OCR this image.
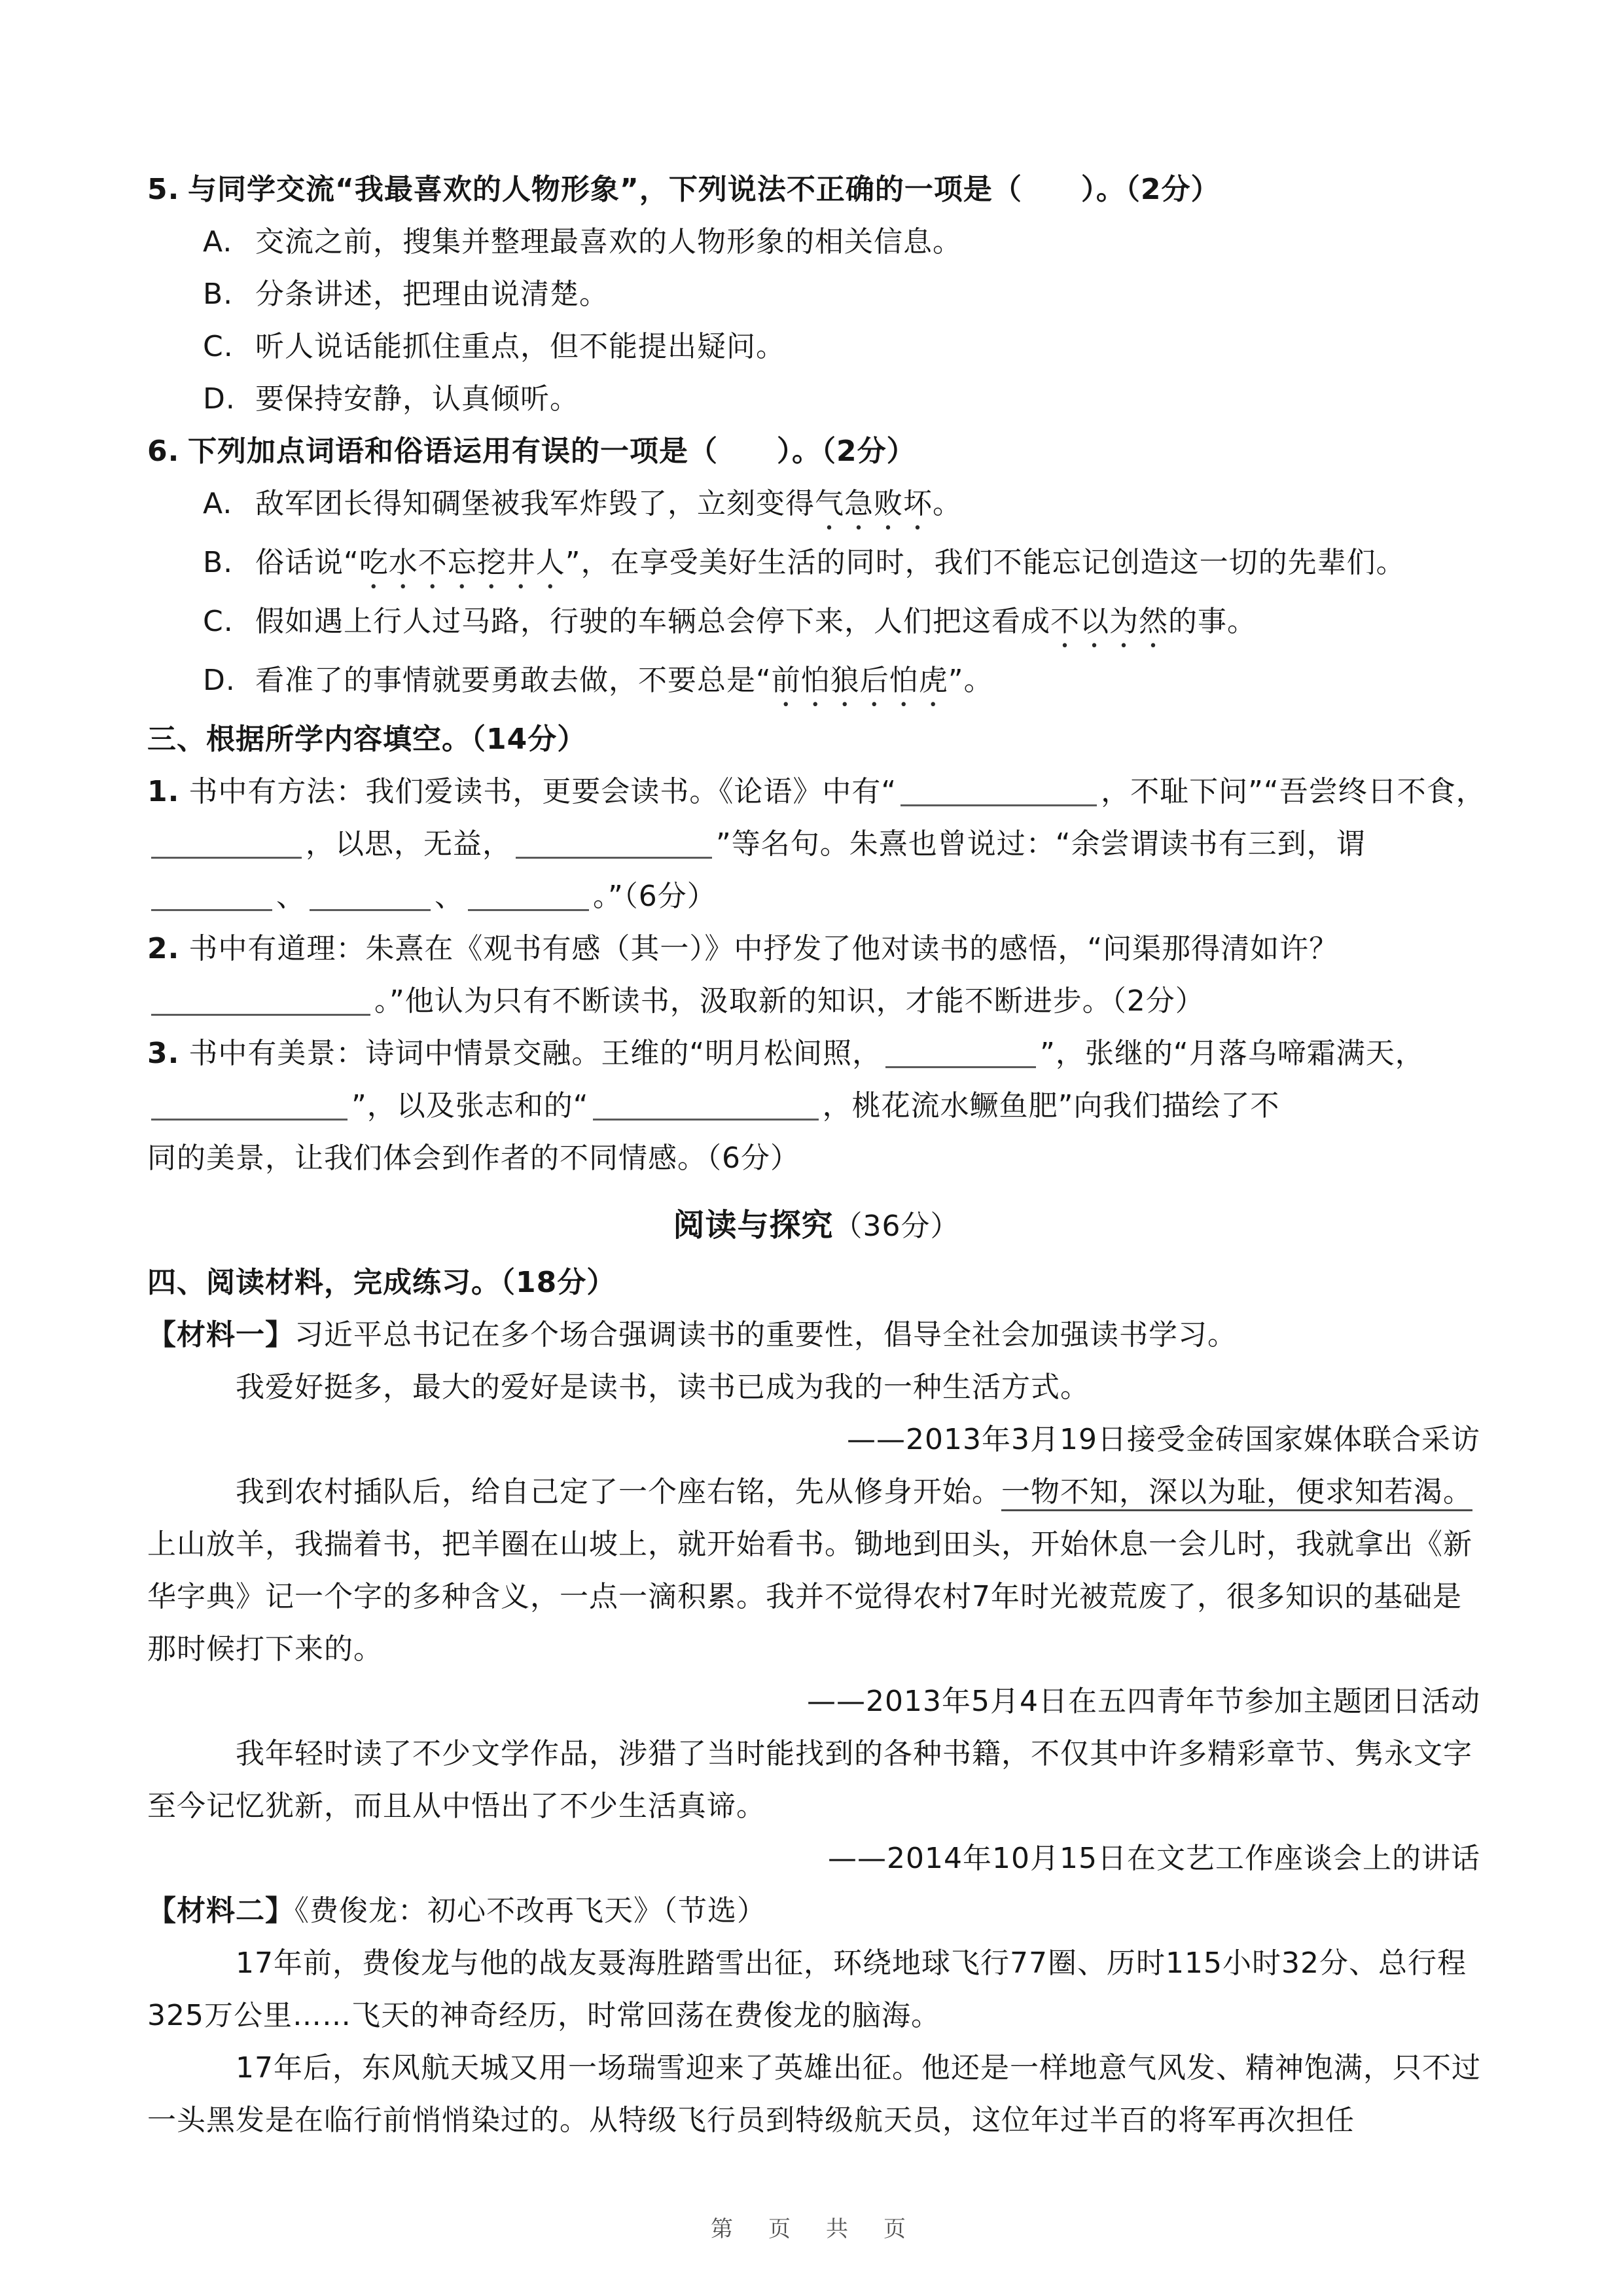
5. 与同学交流“我最喜欢的人物形象”，下列说法不正确的一项是（　　）。（2分）
A. 交流之前，搜集并整理最喜欢的人物形象的相关信息。
B. 分条讲述，把理由说清楚。
C. 听人说话能抓住重点，但不能提出疑问。
D. 要保持安静，认真倾听。
6. 下列加点词语和俗语运用有误的一项是（　　）。（2分）
A. 敌军团长得知碉堡被我军炸毁了，立刻变得气急败坏。
B. 俗话说“吃水不忘挖井人”，在享受美好生活的同时，我们不能忘记创造这一切的先辈们。
C. 假如遇上行人过马路，行驶的车辆总会停下来，人们把这看成不以为然的事。
D. 看准了的事情就要勇敢去做，不要总是“前怕狼后怕虎”。
三、根据所学内容填空。（14分）
1. 书中有方法：我们爱读书，更要会读书。《论语》中有“	，不耻下问”“吾尝终日不食，
，以思，无益，	”等名句。朱熹也曾说过：“余尝谓读书有三到，谓
、	、	。”（6分）
2. 书中有道理：朱熹在《观书有感（其一）》中抒发了他对读书的感悟，“问渠那得清如许？
。”他认为只有不断读书，汲取新的知识，才能不断进步。（2分）
3. 书中有美景：诗词中情景交融。王维的“明月松间照，	”，张继的“月落乌啼霜满天，
”，以及张志和的“	，桃花流水鳜鱼肥”向我们描绘了不
同的美景，让我们体会到作者的不同情感。（6分）
阅读与探究（36分）
四、阅读材料，完成练习。（18分）

【材料一】习近平总书记在多个场合强调读书的重要性，倡导全社会加强读书学习。

我爱好挺多，最大的爱好是读书，读书已成为我的一种生活方式。

——2013年3月19日接受金砖国家媒体联合采访

我到农村插队后，给自己定了一个座右铭，先从修身开始。一物不知，深以为耻，便求知若渴。上山放羊，我揣着书，把羊圈在山坡上，就开始看书。锄地到田头，开始休息一会儿时，我就拿出《新华字典》记一个字的多种含义，一点一滴积累。我并不觉得农村7年时光被荒废了，很多知识的基础是那时候打下来的。

——2013年5月4日在五四青年节参加主题团日活动

我年轻时读了不少文学作品，涉猎了当时能找到的各种书籍，不仅其中许多精彩章节、隽永文字至今记忆犹新，而且从中悟出了不少生活真谛。

——2014年10月15日在文艺工作座谈会上的讲话

【材料二】《费俊龙：初心不改再飞天》（节选）

17年前，费俊龙与他的战友聂海胜踏雪出征，环绕地球飞行77圈、历时115小时32分、总行程325万公里……飞天的神奇经历，时常回荡在费俊龙的脑海。

17年后，东风航天城又用一场瑞雪迎来了英雄出征。他还是一样地意气风发、精神饱满，只不过一头黑发是在临行前悄悄染过的。从特级飞行员到特级航天员，这位年过半百的将军再次担任

第　页　共　页
